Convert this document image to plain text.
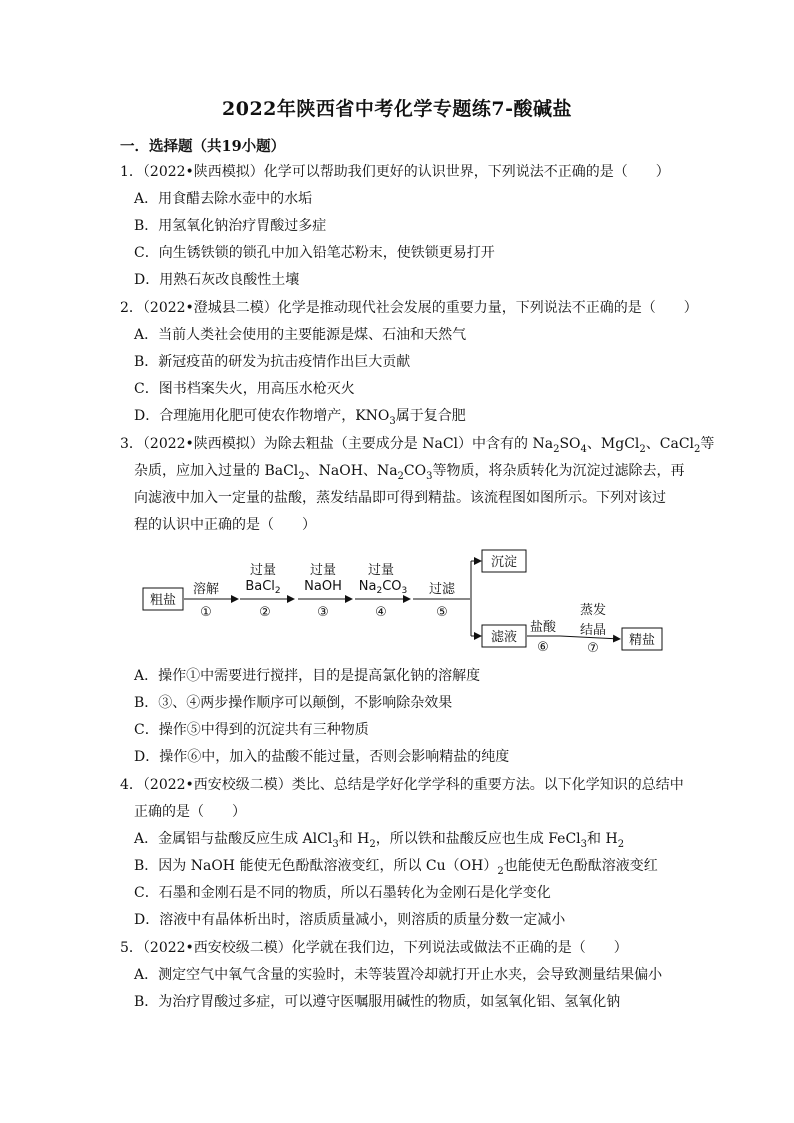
2022年陕西省中考化学专题练7-酸碱盐
一．选择题（共19小题）
1．（2022•陕西模拟）化学可以帮助我们更好的认识世界，下列说法不正确的是（　　）
A．用食醋去除水壶中的水垢
B．用氢氧化钠治疗胃酸过多症
C．向生锈铁锁的锁孔中加入铅笔芯粉末，使铁锁更易打开
D．用熟石灰改良酸性土壤
2．（2022•澄城县二模）化学是推动现代社会发展的重要力量，下列说法不正确的是（　　）
A．当前人类社会使用的主要能源是煤、石油和天然气
B．新冠疫苗的研发为抗击疫情作出巨大贡献
C．图书档案失火，用高压水枪灭火
D．合理施用化肥可使农作物增产，$KNO_3$属于复合肥
3．（2022•陕西模拟）为除去粗盐（主要成分是 NaCl）中含有的 $Na_2SO_4$、MgCl$_2$、CaCl$_2$等
杂质，应加入过量的 BaCl$_2$、NaOH、$Na_2CO_3$等物质，将杂质转化为沉淀过滤除去，再
向滤液中加入一定量的盐酸，蒸发结晶即可得到精盐。该流程图如图所示。下列对该过
程的认识中正确的是（　　）
粗盐
沉淀
滤液	精盐
溶解
①
过量
BaCl$_2$
②
过量
NaOH
③
过量
$Na_2CO_3$
④
过滤
⑤
盐酸
⑥
蒸发
结晶
⑦
A．操作①中需要进行搅拌，目的是提高氯化钠的溶解度
B．③、④两步操作顺序可以颠倒，不影响除杂效果
C．操作⑤中得到的沉淀共有三种物质
D．操作⑥中，加入的盐酸不能过量，否则会影响精盐的纯度
4．（2022•西安校级二模）类比、总结是学好化学学科的重要方法。以下化学知识的总结中
正确的是（　　）
A．金属铝与盐酸反应生成 AlCl$_3$和 $H_2$，所以铁和盐酸反应也生成 FeCl$_3$和 $H_2$
B．因为 NaOH 能使无色酚酞溶液变红，所以 $Cu(OH)_2$也能使无色酚酞溶液变红
C．石墨和金刚石是不同的物质，所以石墨转化为金刚石是化学变化
D．溶液中有晶体析出时，溶质质量减小，则溶质的质量分数一定减小
5．（2022•西安校级二模）化学就在我们边，下列说法或做法不正确的是（　　）
A．测定空气中氧气含量的实验时，未等装置冷却就打开止水夹，会导致测量结果偏小
B．为治疗胃酸过多症，可以遵守医嘱服用碱性的物质，如氢氧化铝、氢氧化钠
